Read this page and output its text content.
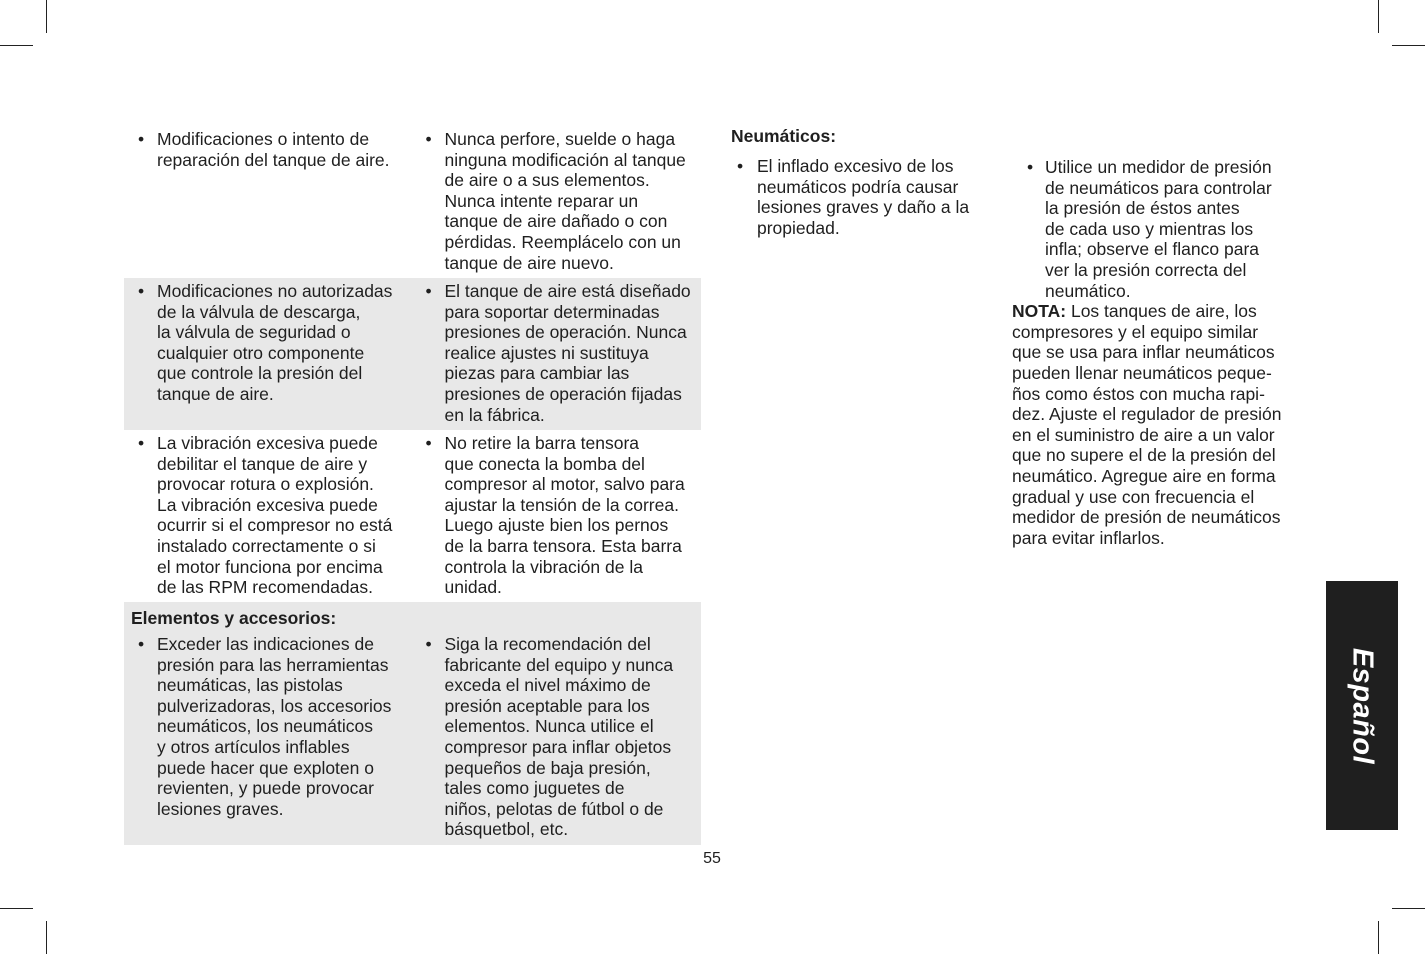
• Modificaciones o intento de
reparación del tanque de aire.
• Nunca perfore, suelde o haga
ninguna modificación al tanque
de aire o a sus elementos.
Nunca intente reparar un
tanque de aire dañado o con
pérdidas. Reemplácelo con un
tanque de aire nuevo.
• Modificaciones no autorizadas
de la válvula de descarga,
la válvula de seguridad o
cualquier otro componente
que controle la presión del
tanque de aire.
• El tanque de aire está diseñado
para soportar determinadas
presiones de operación. Nunca
realice ajustes ni sustituya
piezas para cambiar las
presiones de operación fijadas
en la fábrica.
• La vibración excesiva puede
debilitar el tanque de aire y
provocar rotura o explosión.
La vibración excesiva puede
ocurrir si el compresor no está
instalado correctamente o si
el motor funciona por encima
de las RPM recomendadas.
• No retire la barra tensora
que conecta la bomba del
compresor al motor, salvo para
ajustar la tensión de la correa.
Luego ajuste bien los pernos
de la barra tensora. Esta barra
controla la vibración de la
unidad.
Elementos y accesorios:
• Exceder las indicaciones de
presión para las herramientas
neumáticas, las pistolas
pulverizadoras, los accesorios
neumáticos, los neumáticos
y otros artículos inflables
puede hacer que exploten o
revienten, y puede provocar
lesiones graves.
• Siga la recomendación del
fabricante del equipo y nunca
exceda el nivel máximo de
presión aceptable para los
elementos. Nunca utilice el
compresor para inflar objetos
pequeños de baja presión,
tales como juguetes de
niños, pelotas de fútbol o de
básquetbol, etc.
Neumáticos:
• El inflado excesivo de los
neumáticos podría causar
lesiones graves y daño a la
propiedad.
• Utilice un medidor de presión
de neumáticos para controlar
la presión de éstos antes
de cada uso y mientras los
infla; observe el flanco para
ver la presión correcta del
neumático.
NOTA: Los tanques de aire, los
compresores y el equipo similar
que se usa para inflar neumáticos
pueden llenar neumáticos peque-
ños como éstos con mucha rapi-
dez. Ajuste el regulador de presión
en el suministro de aire a un valor
que no supere el de la presión del
neumático. Agregue aire en forma
gradual y use con frecuencia el
medidor de presión de neumáticos
para evitar inflarlos.
55
Español
